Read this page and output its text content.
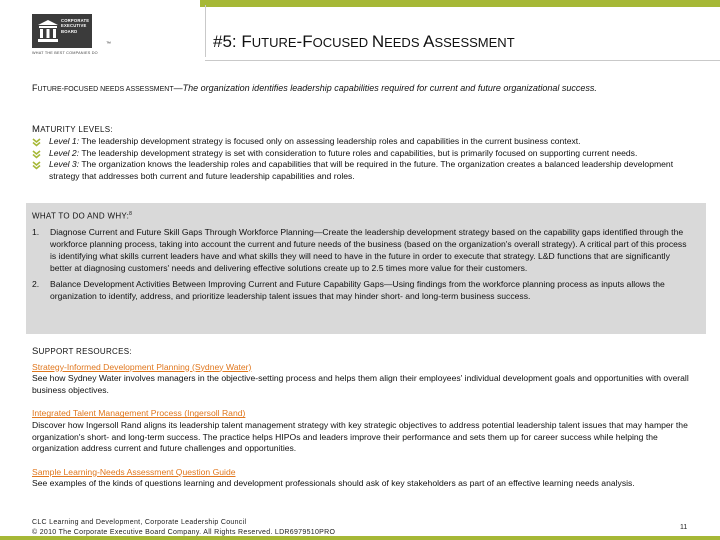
CORPORATE EXECUTIVE BOARD
™
WHAT THE BEST COMPANIES DO
#5: FUTURE-FOCUSED NEEDS ASSESSMENT
FUTURE-FOCUSED NEEDS ASSESSMENT—The organization identifies leadership capabilities required for current and future organizational success.
MATURITY LEVELS:
Level 1: The leadership development strategy is focused only on assessing leadership roles and capabilities in the current business context.
Level 2: The leadership development strategy is set with consideration to future roles and capabilities, but is primarily focused on supporting current needs.
Level 3: The organization knows the leadership roles and capabilities that will be required in the future. The organization creates a balanced leadership development strategy that addresses both current and future leadership capabilities and roles.
WHAT TO DO AND WHY:$^8$
1. Diagnose Current and Future Skill Gaps Through Workforce Planning—Create the leadership development strategy based on the capability gaps identified through the workforce planning process, taking into account the current and future needs of the business (based on the organization's overall strategy). A critical part of this process is identifying what skills current leaders have and what skills they will need to have in the future in order to execute that strategy. L&D functions that are significantly better at diagnosing customers' needs and delivering effective solutions create up to 2.5 times more value for their customers.
2. Balance Development Activities Between Improving Current and Future Capability Gaps—Using findings from the workforce planning process as inputs allows the organization to identify, address, and prioritize leadership talent issues that may hinder short- and long-term business success.
SUPPORT RESOURCES:
Strategy-Informed Development Planning (Sydney Water)
See how Sydney Water involves managers in the objective-setting process and helps them align their employees' individual development goals and opportunities with overall business objectives.
Integrated Talent Management Process (Ingersoll Rand)
Discover how Ingersoll Rand aligns its leadership talent management strategy with key strategic objectives to address potential leadership talent issues that may hamper the organization's short- and long-term success. The practice helps HIPOs and leaders improve their performance and sets them up for career success while helping the organization address current and future challenges and opportunities.
Sample Learning-Needs Assessment Question Guide
See examples of the kinds of questions learning and development professionals should ask of key stakeholders as part of an effective learning needs analysis.
CLC Learning and Development, Corporate Leadership Council
© 2010 The Corporate Executive Board Company. All Rights Reserved. LDR6979510PRO
11
